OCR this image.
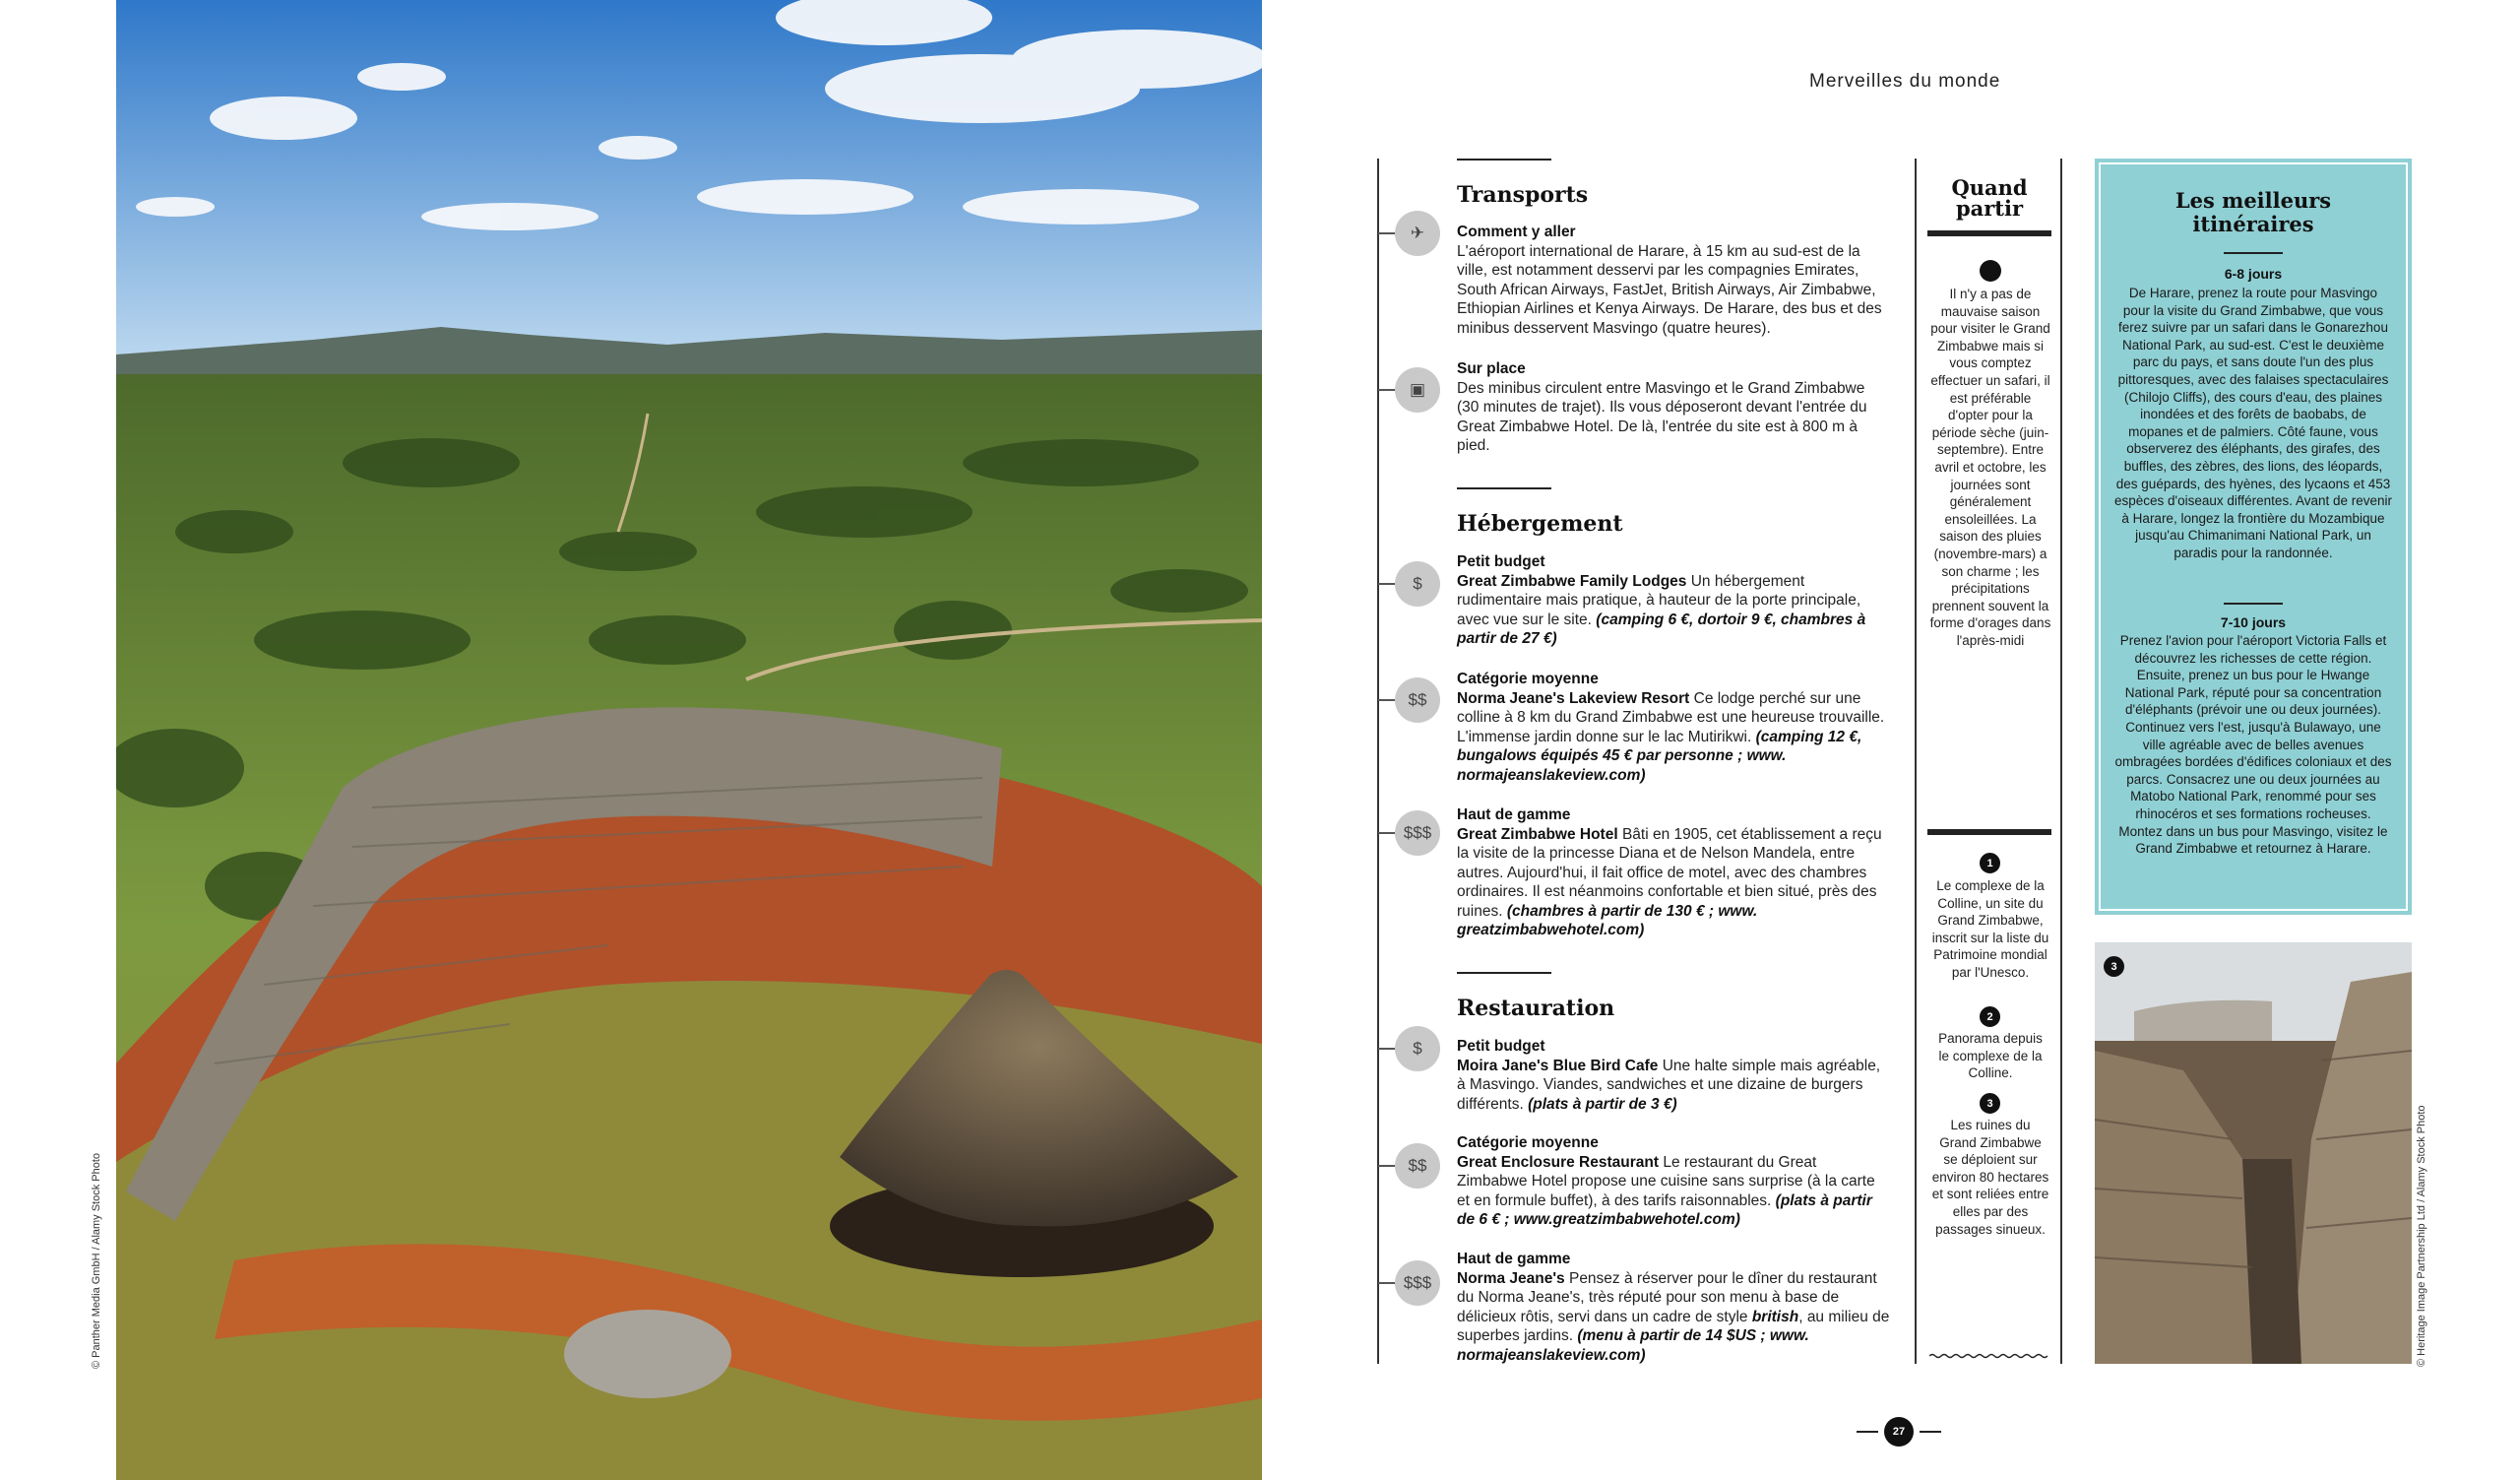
© Panther Media GmbH / Alamy Stock Photo
Merveilles du monde
Transports
✈	Comment y aller
L'aéroport international de Harare, à 15 km au sud-est de la ville, est notamment desservi par les compagnies Emirates, South African Airways, FastJet, British Airways, Air Zimbabwe, Ethiopian Airlines et Kenya Airways. De Harare, des bus et des minibus desservent Masvingo (quatre heures).
▣
Sur place
Des minibus circulent entre Masvingo et le Grand Zimbabwe (30 minutes de trajet). Ils vous déposeront devant l'entrée du Great Zimbabwe Hotel. De là, l'entrée du site est à 800 m à pied.
Hébergement
$
Petit budget
Great Zimbabwe Family Lodges Un hébergement rudimentaire mais pratique, à hauteur de la porte principale, avec vue sur le site. (camping 6 €, dortoir 9 €, chambres à partir de 27 €)
$$
Catégorie moyenne
Norma Jeane's Lakeview Resort Ce lodge perché sur une colline à 8 km du Grand Zimbabwe est une heureuse trouvaille. L'immense jardin donne sur le lac Mutirikwi. (camping 12 €, bungalows équipés 45 € par personne ; www. normajeanslakeview.com)
$$$
Haut de gamme
Great Zimbabwe Hotel Bâti en 1905, cet établissement a reçu la visite de la princesse Diana et de Nelson Mandela, entre autres. Aujourd'hui, il fait office de motel, avec des chambres ordinaires. Il est néanmoins confortable et bien situé, près des ruines. (chambres à partir de 130 € ; www. greatzimbabwehotel.com)
Restauration
$	Petit budget
Moira Jane's Blue Bird Cafe Une halte simple mais agréable, à Masvingo. Viandes, sandwiches et une dizaine de burgers différents. (plats à partir de 3 €)
$$
Catégorie moyenne
Great Enclosure Restaurant Le restaurant du Great Zimbabwe Hotel propose une cuisine sans surprise (à la carte et en formule buffet), à des tarifs raisonnables. (plats à partir de 6 € ; www.greatzimbabwehotel.com)
$$$
Haut de gamme
Norma Jeane's Pensez à réserver pour le dîner du restaurant du Norma Jeane's, très réputé pour son menu à base de délicieux rôtis, servi dans un cadre de style british, au milieu de superbes jardins. (menu à partir de 14 $US ; www. normajeanslakeview.com)
Quand
partir
Il n'y a pas de mauvaise saison pour visiter le Grand Zimbabwe mais si vous comptez effectuer un safari, il est préférable d'opter pour la période sèche (juin-septembre). Entre avril et octobre, les journées sont généralement ensoleillées. La saison des pluies (novembre-mars) a son charme ; les précipitations prennent souvent la forme d'orages dans l'après-midi
1
Le complexe de la Colline, un site du Grand Zimbabwe, inscrit sur la liste du Patrimoine mondial par l'Unesco.
2
Panorama depuis le complexe de la Colline.
3
Les ruines du Grand Zimbabwe se déploient sur environ 80 hectares et sont reliées entre elles par des passages sinueux.
Les meilleurs
itinéraires
6-8 jours
De Harare, prenez la route pour Masvingo pour la visite du Grand Zimbabwe, que vous ferez suivre par un safari dans le Gonarezhou National Park, au sud-est. C'est le deuxième parc du pays, et sans doute l'un des plus pittoresques, avec des falaises spectaculaires (Chilojo Cliffs), des cours d'eau, des plaines inondées et des forêts de baobabs, de mopanes et de palmiers. Côté faune, vous observerez des éléphants, des girafes, des buffles, des zèbres, des lions, des léopards, des guépards, des hyènes, des lycaons et 453 espèces d'oiseaux différentes. Avant de revenir à Harare, longez la frontière du Mozambique jusqu'au Chimanimani National Park, un paradis pour la randonnée.
7-10 jours
Prenez l'avion pour l'aéroport Victoria Falls et découvrez les richesses de cette région. Ensuite, prenez un bus pour le Hwange National Park, réputé pour sa concentration d'éléphants (prévoir une ou deux journées). Continuez vers l'est, jusqu'à Bulawayo, une ville agréable avec de belles avenues ombragées bordées d'édifices coloniaux et des parcs. Consacrez une ou deux journées au Matobo National Park, renommé pour ses rhinocéros et ses formations rocheuses. Montez dans un bus pour Masvingo, visitez le Grand Zimbabwe et retournez à Harare.
3
© Heritage Image Partnership Ltd / Alamy Stock Photo
27
